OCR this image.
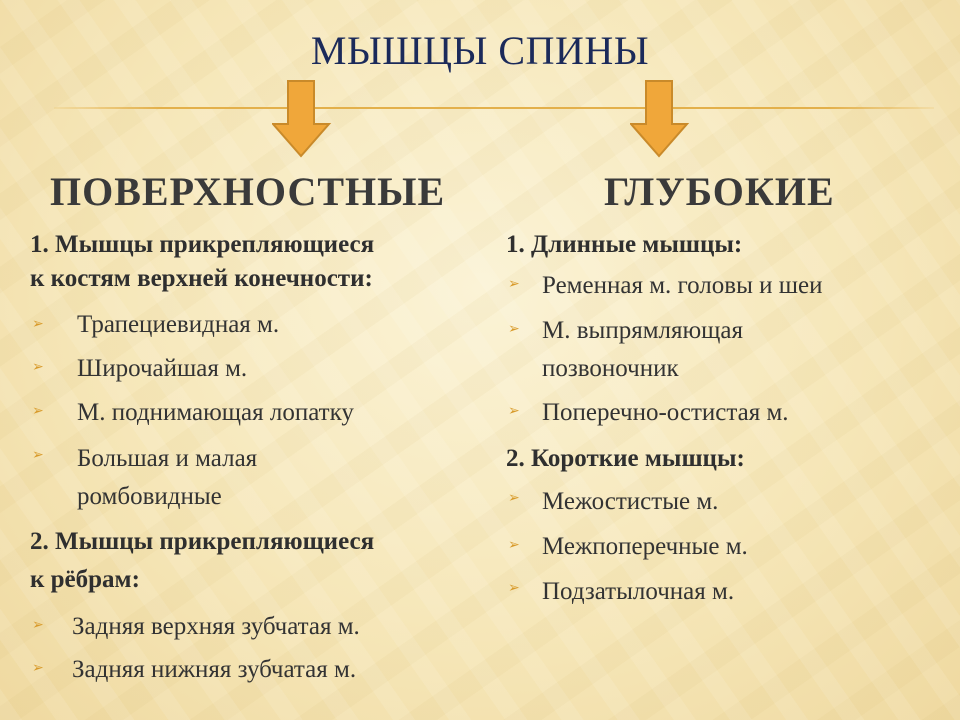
МЫШЦЫ СПИНЫ
ПОВЕРХНОСТНЫЕ
1. Мышцы прикрепляющиеся
к костям верхней конечности:
➢ Трапециевидная м.
➢ Широчайшая м.
➢ М. поднимающая лопатку
➢ Большая и малая
ромбовидные
2. Мышцы прикрепляющиеся
к рёбрам:
➢ Задняя верхняя зубчатая м.
➢ Задняя нижняя зубчатая м.
ГЛУБОКИЕ
1. Длинные мышцы:
➢ Ременная м. головы и шеи
➢ М. выпрямляющая
позвоночник
➢ Поперечно-остистая м.
2. Короткие мышцы:
➢ Межостистые м.
➢ Межпоперечные м.
➢ Подзатылочная м.
